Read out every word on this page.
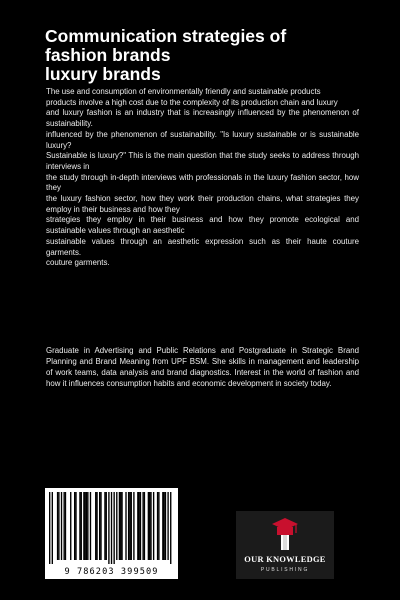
Communication strategies of
fashion brands
luxury brands

The use and consumption of environmentally friendly and sustainable products

products involve a high cost due to the complexity of its production chain and luxury

and luxury fashion is an industry that is increasingly influenced by the phenomenon of sustainability.

influenced by the phenomenon of sustainability. "Is luxury sustainable or is sustainable luxury?

Sustainable is luxury?" This is the main question that the study seeks to address through interviews in

the study through in-depth interviews with professionals in the luxury fashion sector, how they

the luxury fashion sector, how they work their production chains, what strategies they employ in their business and how they

strategies they employ in their business and how they promote ecological and sustainable values through an aesthetic

sustainable values through an aesthetic expression such as their haute couture garments.

couture garments.

Graduate in Advertising and Public Relations and Postgraduate in Strategic Brand Planning and Brand Meaning from UPF BSM. She skills in management and leadership of work teams, data analysis and brand diagnostics. Interest in the world of fashion and how it influences consumption habits and economic development in society today.
9 786203 399509
OUR KNOWLEDGE
PUBLISHING
